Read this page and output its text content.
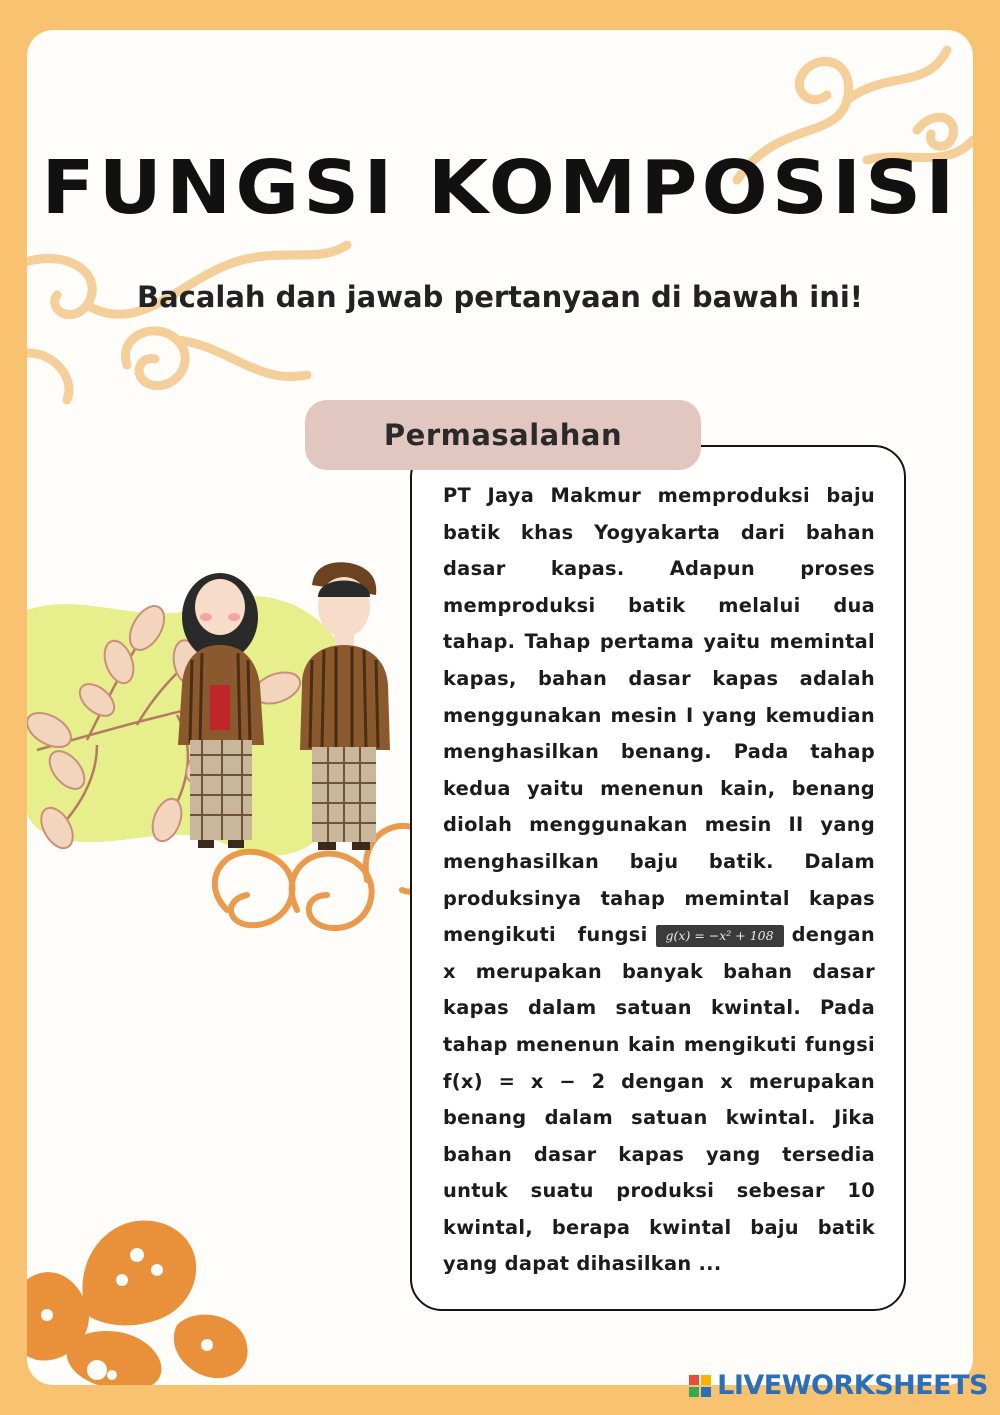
FUNGSI KOMPOSISI
Bacalah dan jawab pertanyaan di bawah ini!
Permasalahan
PT Jaya Makmur memproduksi baju batik khas Yogyakarta dari bahan dasar kapas. Adapun proses memproduksi batik melalui dua tahap. Tahap pertama yaitu memintal kapas, bahan dasar kapas adalah menggunakan mesin I yang kemudian menghasilkan benang. Pada tahap kedua yaitu menenun kain, benang diolah menggunakan mesin II yang menghasilkan baju batik. Dalam produksinya tahap memintal kapas mengikuti fungsi g(x) = −x² + 108 dengan x merupakan banyak bahan dasar kapas dalam satuan kwintal. Pada tahap menenun kain mengikuti fungsi f(x) = x − 2 dengan x merupakan benang dalam satuan kwintal. Jika bahan dasar kapas yang tersedia untuk suatu produksi sebesar 10 kwintal, berapa kwintal baju batik yang dapat dihasilkan ...
LIVEWORKSHEETS
